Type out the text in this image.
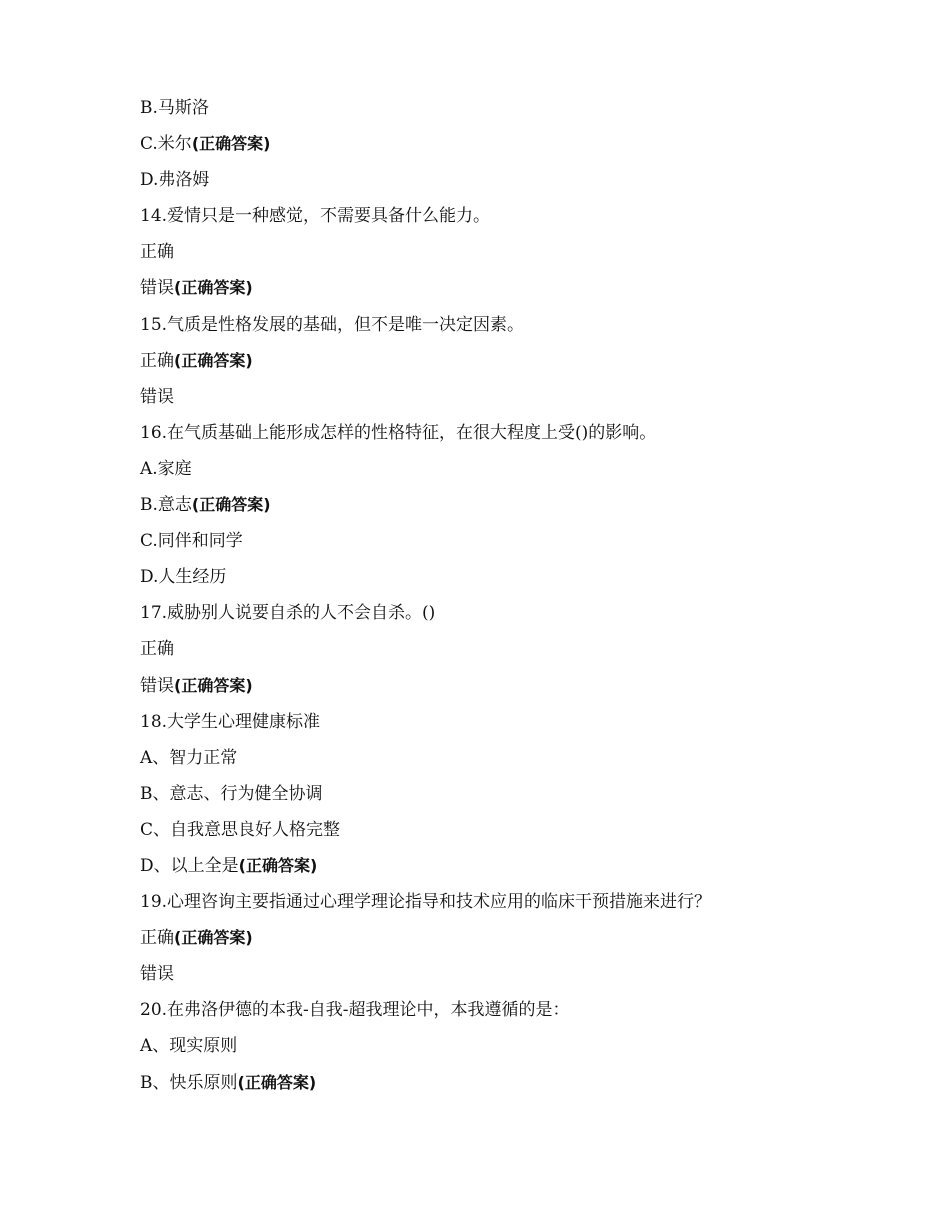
B.马斯洛
C.米尔(正确答案)
D.弗洛姆
14.爱情只是一种感觉，不需要具备什么能力。
正确
错误(正确答案)
15.气质是性格发展的基础，但不是唯一决定因素。
正确(正确答案)
错误
16.在气质基础上能形成怎样的性格特征，在很大程度上受()的影响。
A.家庭
B.意志(正确答案)
C.同伴和同学
D.人生经历
17.威胁别人说要自杀的人不会自杀。()
正确
错误(正确答案)
18.大学生心理健康标准
A、智力正常
B、意志、行为健全协调
C、自我意思良好人格完整
D、以上全是(正确答案)
19.心理咨询主要指通过心理学理论指导和技术应用的临床干预措施来进行？
正确(正确答案)
错误
20.在弗洛伊德的本我-自我-超我理论中，本我遵循的是：
A、现实原则
B、快乐原则(正确答案)
